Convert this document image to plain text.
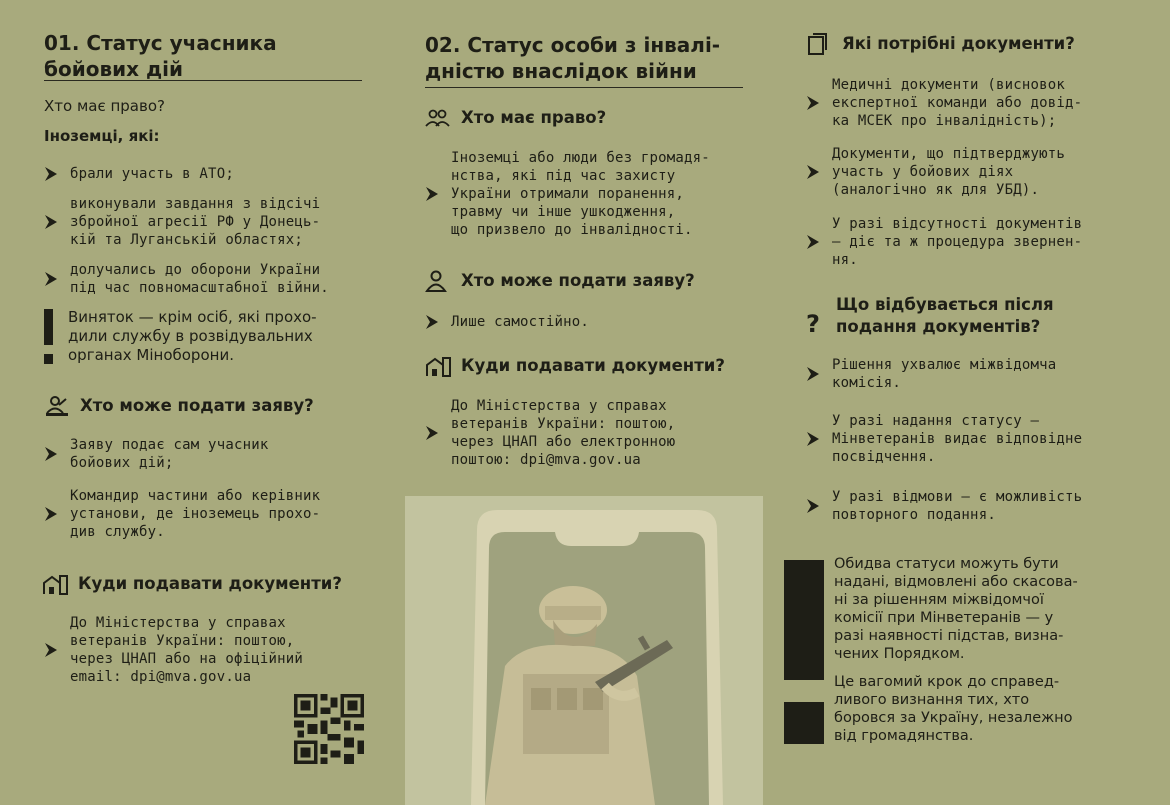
01. Статус учасника
бойових дій
Хто має право?
Іноземці, які:
брали участь в АТО;
виконували завдання з відсічі
збройної агресії РФ у Донець-
кій та Луганській областях;
долучались до оборони України
під час повномасштабної війни.
Виняток — крім осіб, які прохо-
дили службу в розвідувальних
органах Міноборони.
Хто може подати заяву?
Заяву подає сам учасник
бойових дій;
Командир частини або керівник
установи, де іноземець прохо-
див службу.
Куди подавати документи?
До Міністерства у справах
ветеранів України: поштою,
через ЦНАП або на офіційний
email: dpi@mva.gov.ua
02. Статус особи з інвалі-
дністю внаслідок війни
Хто має право?
Іноземці або люди без громадя-
нства, які під час захисту
України отримали поранення,
травму чи інше ушкодження,
що призвело до інвалідності.
Хто може подати заяву?
Лише самостійно.
Куди подавати документи?
До Міністерства у справах
ветеранів України: поштою,
через ЦНАП або електронною
поштою: dpi@mva.gov.ua
Які потрібні документи?
Медичні документи (висновок
експертної команди або довід-
ка МСЕК про інвалідність);
Документи, що підтверджують
участь у бойових діях
(аналогічно як для УБД).
У разі відсутності документів
– діє та ж процедура звернен-
ня.
?
Що відбувається після
подання документів?
Рішення ухвалює міжвідомча
комісія.
У разі надання статусу –
Мінветеранів видає відповідне
посвідчення.
У разі відмови – є можливість
повторного подання.
Обидва статуси можуть бути
надані, відмовлені або скасова-
ні за рішенням міжвідомчої
комісії при Мінветеранів — у
разі наявності підстав, визна-
чених Порядком.
Це вагомий крок до справед-
ливого визнання тих, хто
боровся за Україну, незалежно
від громадянства.
